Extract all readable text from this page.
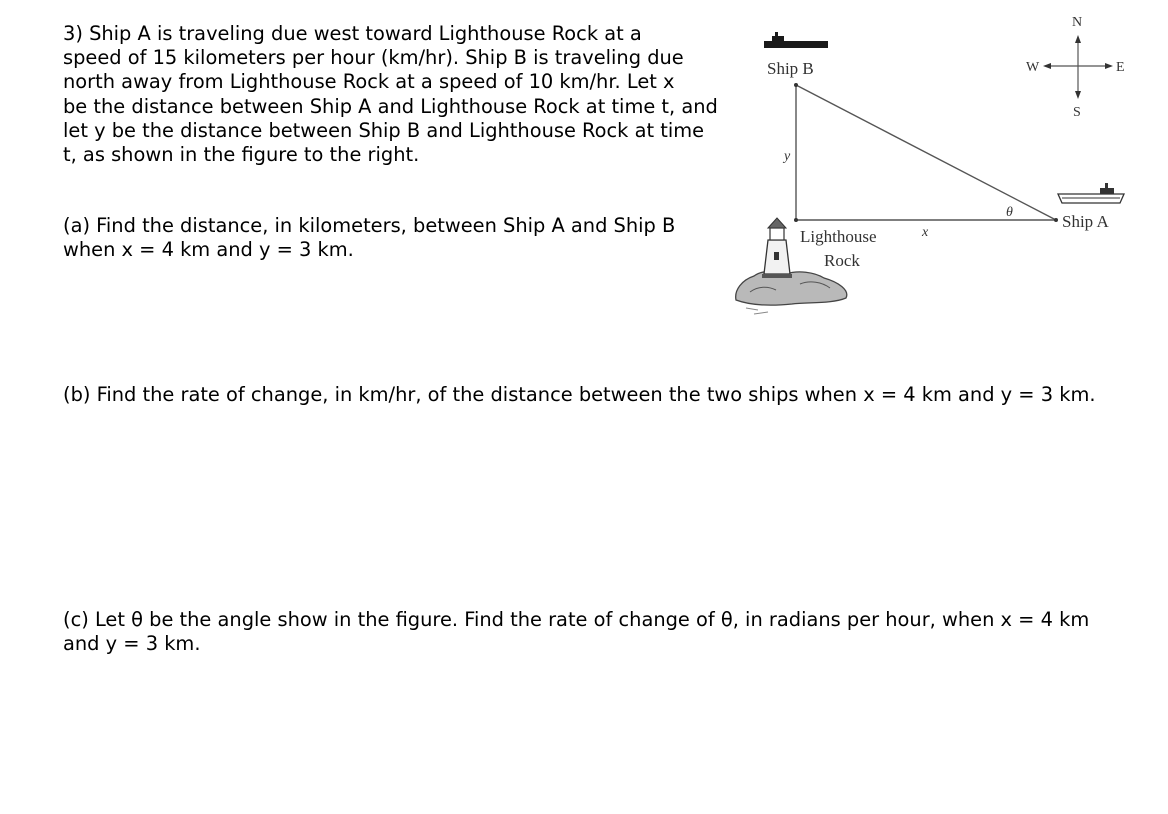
3) Ship A is traveling due west toward Lighthouse Rock at a
speed of 15 kilometers per hour (km/hr). Ship B is traveling due
north away from Lighthouse Rock at a speed of 10 km/hr. Let x
be the distance between Ship A and Lighthouse Rock at time t, and
let y be the distance between Ship B and Lighthouse Rock at time
t, as shown in the figure to the right.
(a) Find the distance, in kilometers, between Ship A and Ship B
when x = 4 km and y = 3 km.
(b) Find the rate of change, in km/hr, of the distance between the two ships when x = 4 km and y = 3 km.
(c) Let θ be the angle show in the figure. Find the rate of change of θ, in radians per hour, when x = 4 km
and y = 3 km.
Ship B
y
θ
x
Ship A
Lighthouse
Rock
N
S
W	E
